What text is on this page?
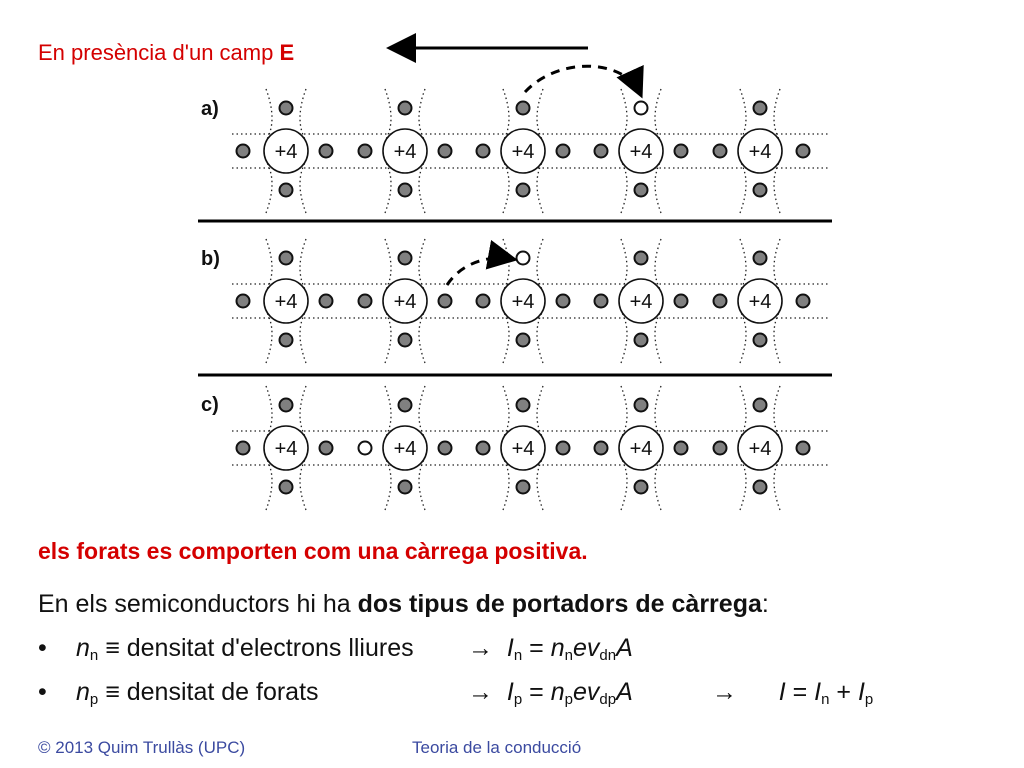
En presència d'un camp E
+4	+4	+4	+4	+4
+4	+4	+4	+4	+4
+4	+4	+4	+4	+4
a)
b)
c)
els forats es comporten com una càrrega positiva.
En els semiconductors hi ha dos tipus de portadors de càrrega:
• $n_n$ ≡ densitat d'electrons lliures → $I_n = n_nev_{dn}A$
• $n_p$ ≡ densitat de forats	→ $I_p = n_pev_{dp}A$	→ $I = I_n + I_p$
© 2013 Quim Trullàs (UPC)	Teoria de la conducció
